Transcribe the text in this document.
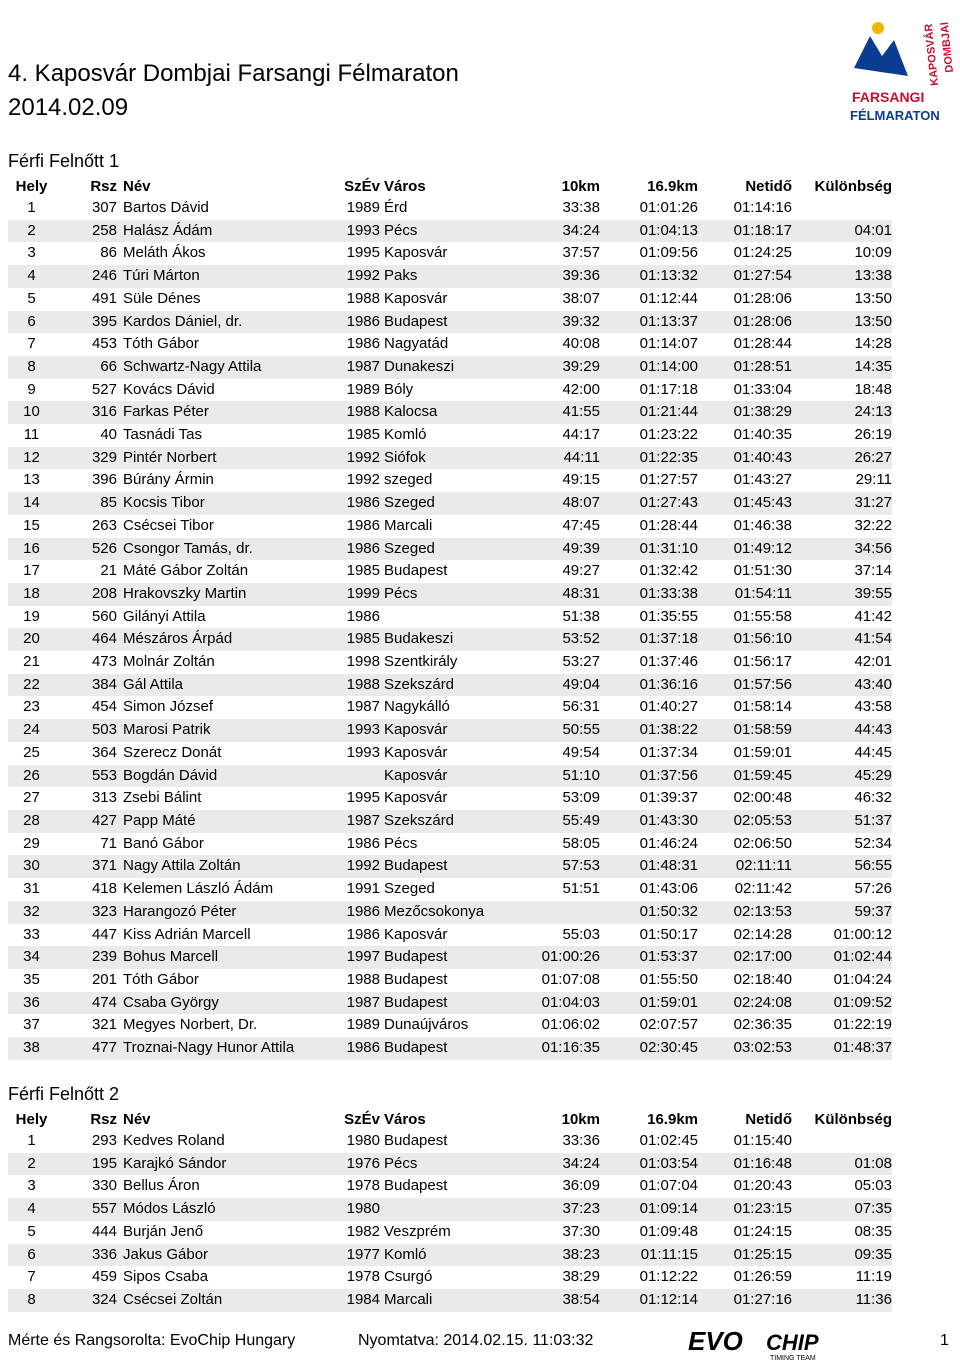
4. Kaposvár Dombjai Farsangi Félmaraton
2014.02.09
KAPOSVÁR
DOMBJAI
FARSANGI
FÉLMARATON
Férfi Felnőtt 1
Hely	Rsz	Név	SzÉv	Város	10km	16.9km	Netidő	Különbség
1	307	Bartos Dávid	1989	Érd	33:38	01:01:26	01:14:16	
2	258	Halász Ádám	1993	Pécs	34:24	01:04:13	01:18:17	04:01
3	86	Meláth Ákos	1995	Kaposvár	37:57	01:09:56	01:24:25	10:09
4	246	Túri Márton	1992	Paks	39:36	01:13:32	01:27:54	13:38
5	491	Süle Dénes	1988	Kaposvár	38:07	01:12:44	01:28:06	13:50
6	395	Kardos Dániel, dr.	1986	Budapest	39:32	01:13:37	01:28:06	13:50
7	453	Tóth Gábor	1986	Nagyatád	40:08	01:14:07	01:28:44	14:28
8	66	Schwartz-Nagy Attila	1987	Dunakeszi	39:29	01:14:00	01:28:51	14:35
9	527	Kovács Dávid	1989	Bóly	42:00	01:17:18	01:33:04	18:48
10	316	Farkas Péter	1988	Kalocsa	41:55	01:21:44	01:38:29	24:13
11	40	Tasnádi Tas	1985	Komló	44:17	01:23:22	01:40:35	26:19
12	329	Pintér Norbert	1992	Siófok	44:11	01:22:35	01:40:43	26:27
13	396	Búrány Ármin	1992	szeged	49:15	01:27:57	01:43:27	29:11
14	85	Kocsis Tibor	1986	Szeged	48:07	01:27:43	01:45:43	31:27
15	263	Csécsei Tibor	1986	Marcali	47:45	01:28:44	01:46:38	32:22
16	526	Csongor Tamás, dr.	1986	Szeged	49:39	01:31:10	01:49:12	34:56
17	21	Máté Gábor Zoltán	1985	Budapest	49:27	01:32:42	01:51:30	37:14
18	208	Hrakovszky Martin	1999	Pécs	48:31	01:33:38	01:54:11	39:55
19	560	Gilányi Attila	1986		51:38	01:35:55	01:55:58	41:42
20	464	Mészáros Árpád	1985	Budakeszi	53:52	01:37:18	01:56:10	41:54
21	473	Molnár Zoltán	1998	Szentkirály	53:27	01:37:46	01:56:17	42:01
22	384	Gál Attila	1988	Szekszárd	49:04	01:36:16	01:57:56	43:40
23	454	Simon József	1987	Nagykálló	56:31	01:40:27	01:58:14	43:58
24	503	Marosi Patrik	1993	Kaposvár	50:55	01:38:22	01:58:59	44:43
25	364	Szerecz Donát	1993	Kaposvár	49:54	01:37:34	01:59:01	44:45
26	553	Bogdán Dávid		Kaposvár	51:10	01:37:56	01:59:45	45:29
27	313	Zsebi Bálint	1995	Kaposvár	53:09	01:39:37	02:00:48	46:32
28	427	Papp Máté	1987	Szekszárd	55:49	01:43:30	02:05:53	51:37
29	71	Banó Gábor	1986	Pécs	58:05	01:46:24	02:06:50	52:34
30	371	Nagy Attila Zoltán	1992	Budapest	57:53	01:48:31	02:11:11	56:55
31	418	Kelemen László Ádám	1991	Szeged	51:51	01:43:06	02:11:42	57:26
32	323	Harangozó Péter	1986	Mezőcsokonya		01:50:32	02:13:53	59:37
33	447	Kiss Adrián Marcell	1986	Kaposvár	55:03	01:50:17	02:14:28	01:00:12
34	239	Bohus Marcell	1997	Budapest	01:00:26	01:53:37	02:17:00	01:02:44
35	201	Tóth Gábor	1988	Budapest	01:07:08	01:55:50	02:18:40	01:04:24
36	474	Csaba György	1987	Budapest	01:04:03	01:59:01	02:24:08	01:09:52
37	321	Megyes Norbert, Dr.	1989	Dunaújváros	01:06:02	02:07:57	02:36:35	01:22:19
38	477	Troznai-Nagy Hunor Attila	1986	Budapest	01:16:35	02:30:45	03:02:53	01:48:37
Férfi Felnőtt 2
Hely	Rsz	Név	SzÉv	Város	10km	16.9km	Netidő	Különbség
1	293	Kedves Roland	1980	Budapest	33:36	01:02:45	01:15:40	
2	195	Karajkó Sándor	1976	Pécs	34:24	01:03:54	01:16:48	01:08
3	330	Bellus Áron	1978	Budapest	36:09	01:07:04	01:20:43	05:03
4	557	Módos László	1980		37:23	01:09:14	01:23:15	07:35
5	444	Burján Jenő	1982	Veszprém	37:30	01:09:48	01:24:15	08:35
6	336	Jakus Gábor	1977	Komló	38:23	01:11:15	01:25:15	09:35
7	459	Sipos Csaba	1978	Csurgó	38:29	01:12:22	01:26:59	11:19
8	324	Csécsei Zoltán	1984	Marcali	38:54	01:12:14	01:27:16	11:36
Mérte és Rangsorolta: EvoChip Hungary	Nyomtatva: 2014.02.15. 11:03:32	EVO CHIP
TIMING TEAM
1
